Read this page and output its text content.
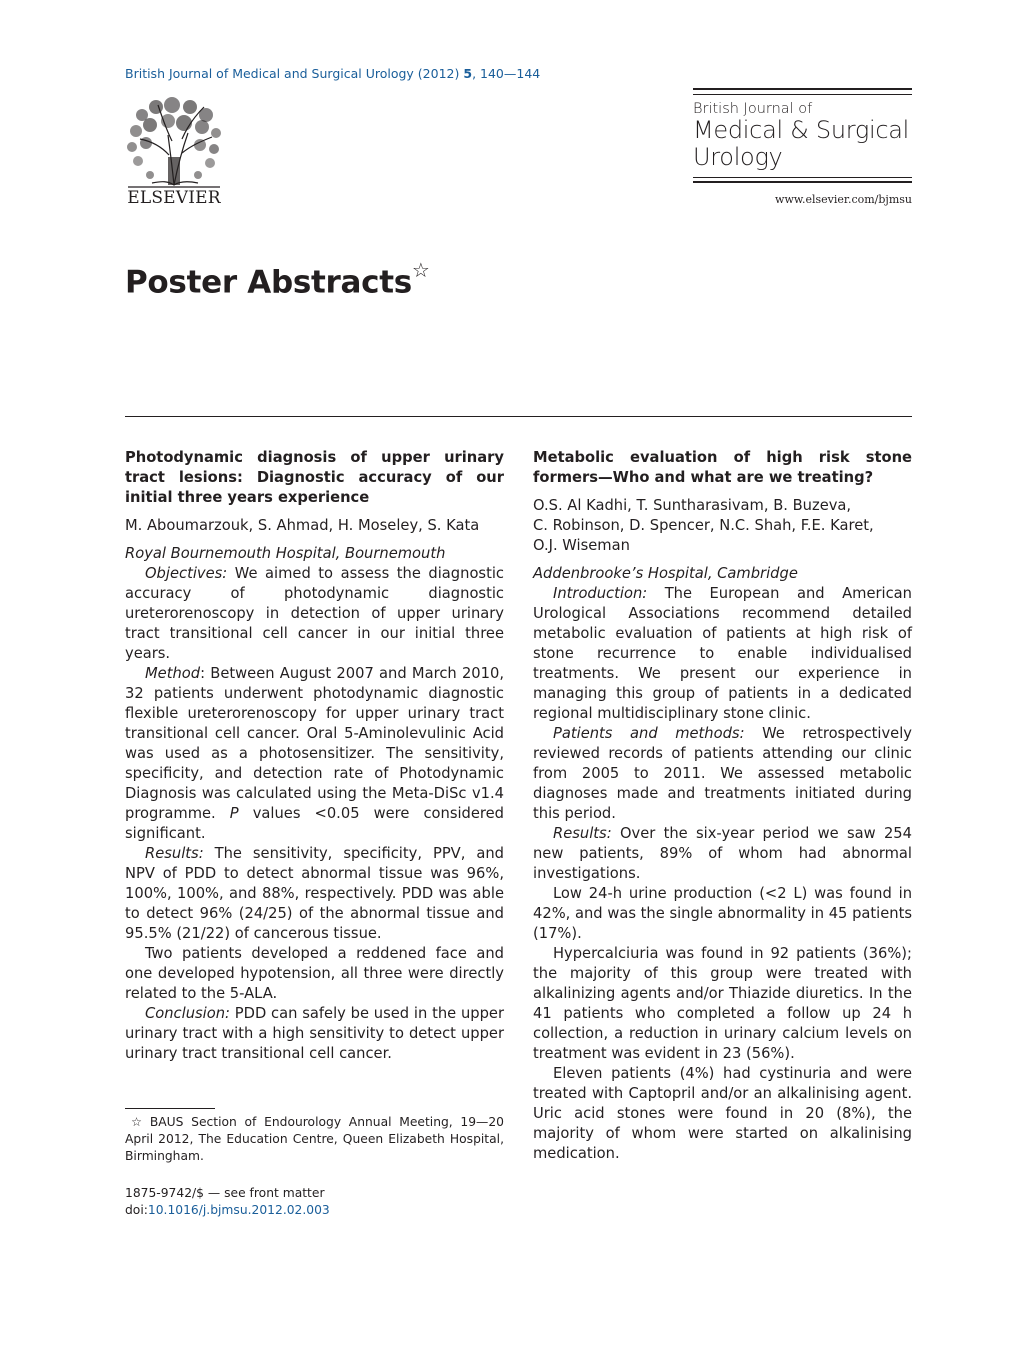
British Journal of Medical and Surgical Urology (2012) 5, 140—144
ELSEVIER
British Journal of
Medical & Surgical
Urology
www.elsevier.com/bjmsu
Poster Abstracts☆
Photodynamic diagnosis of upper urinary tract lesions: Diagnostic accuracy of our initial three years experience
M. Aboumarzouk, S. Ahmad, H. Moseley, S. Kata
Royal Bournemouth Hospital, Bournemouth
Objectives: We aimed to assess the diagnostic accuracy of photodynamic diagnostic ureterorenoscopy in detection of upper urinary tract transitional cell cancer in our initial three years.
Method: Between August 2007 and March 2010, 32 patients underwent photodynamic diagnostic flexible ureterorenoscopy for upper urinary tract transitional cell cancer. Oral 5-Aminolevulinic Acid was used as a photosensitizer. The sensitivity, specificity, and detection rate of Photodynamic Diagnosis was calculated using the Meta-DiSc v1.4 programme. P values <0.05 were considered significant.
Results: The sensitivity, specificity, PPV, and NPV of PDD to detect abnormal tissue was 96%, 100%, 100%, and 88%, respectively. PDD was able to detect 96% (24/25) of the abnormal tissue and 95.5% (21/22) of cancerous tissue.
Two patients developed a reddened face and one developed hypotension, all three were directly related to the 5-ALA.
Conclusion: PDD can safely be used in the upper urinary tract with a high sensitivity to detect upper urinary tract transitional cell cancer.
Metabolic evaluation of high risk stone formers—Who and what are we treating?
O.S. Al Kadhi, T. Suntharasivam, B. Buzeva,
C. Robinson, D. Spencer, N.C. Shah, F.E. Karet,
O.J. Wiseman
Addenbrooke’s Hospital, Cambridge
Introduction: The European and American Urological Associations recommend detailed metabolic evaluation of patients at high risk of stone recurrence to enable individualised treatments. We present our experience in managing this group of patients in a dedicated regional multidisciplinary stone clinic.
Patients and methods: We retrospectively reviewed records of patients attending our clinic from 2005 to 2011. We assessed metabolic diagnoses made and treatments initiated during this period.
Results: Over the six-year period we saw 254 new patients, 89% of whom had abnormal investigations.
Low 24-h urine production (<2 L) was found in 42%, and was the single abnormality in 45 patients (17%).
Hypercalciuria was found in 92 patients (36%); the majority of this group were treated with alkalinizing agents and/or Thiazide diuretics. In the 41 patients who completed a follow up 24 h collection, a reduction in urinary calcium levels on treatment was evident in 23 (56%).
Eleven patients (4%) had cystinuria and were treated with Captopril and/or an alkalinising agent. Uric acid stones were found in 20 (8%), the majority of whom were started on alkalinising medication.
☆ BAUS Section of Endourology Annual Meeting, 19—20 April 2012, The Education Centre, Queen Elizabeth Hospital, Birmingham.
1875-9742/$ — see front matter
doi:10.1016/j.bjmsu.2012.02.003
